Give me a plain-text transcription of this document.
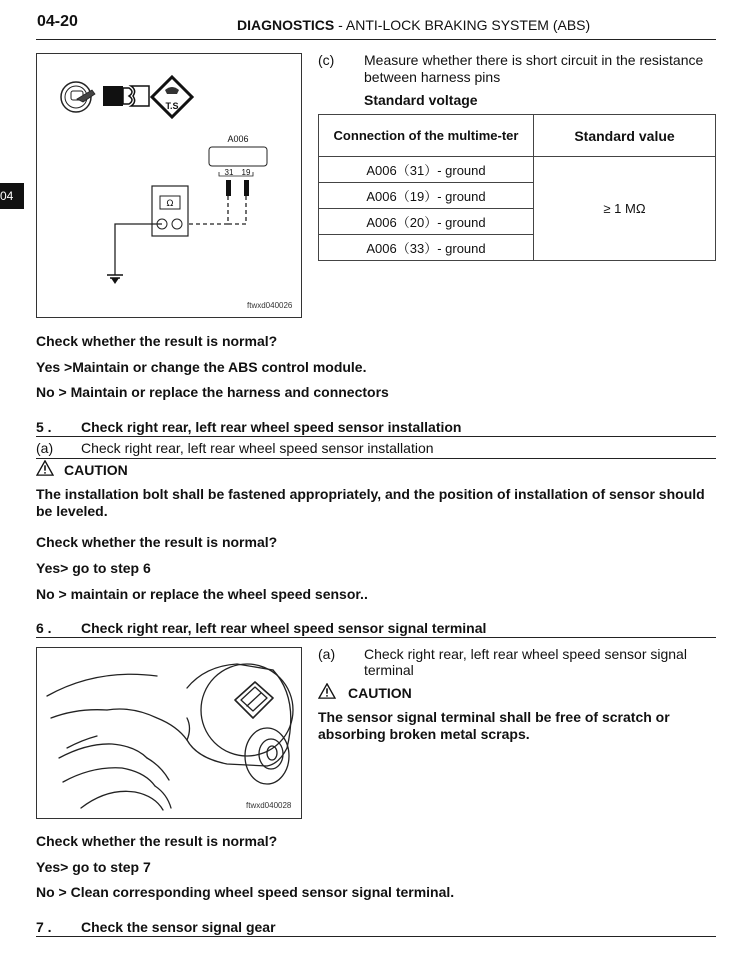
04-20	DIAGNOSTICS - ANTI-LOCK BRAKING SYSTEM (ABS)
04
T.S
A006
31 19
Ω
ftwxd040026
(c) Measure whether there is short circuit in the resistance between harness pins
Standard voltage
Connection of the multime-ter	Standard value
A006（31）- ground	≥ 1 MΩ
A006（19）- ground	
A006（20）- ground	
A006（33）- ground	
Check whether the result is normal?
Yes >Maintain or change the ABS control module.
No > Maintain or replace the harness and connectors
5 . Check right rear, left rear wheel speed sensor installation
(a) Check right rear, left rear wheel speed sensor installation
CAUTION
The installation bolt shall be fastened appropriately, and the position of installation of sensor should be leveled.
Check whether the result is normal?
Yes> go to step 6
No > maintain or replace the wheel speed sensor..
6 . Check right rear, left rear wheel speed sensor signal terminal
ftwxd040028
(a) Check right rear, left rear wheel speed sensor signal terminal
CAUTION
The sensor signal terminal shall be free of scratch or absorbing broken metal scraps.
Check whether the result is normal?
Yes> go to step 7
No > Clean corresponding wheel speed sensor signal terminal.
7 . Check the sensor signal gear
